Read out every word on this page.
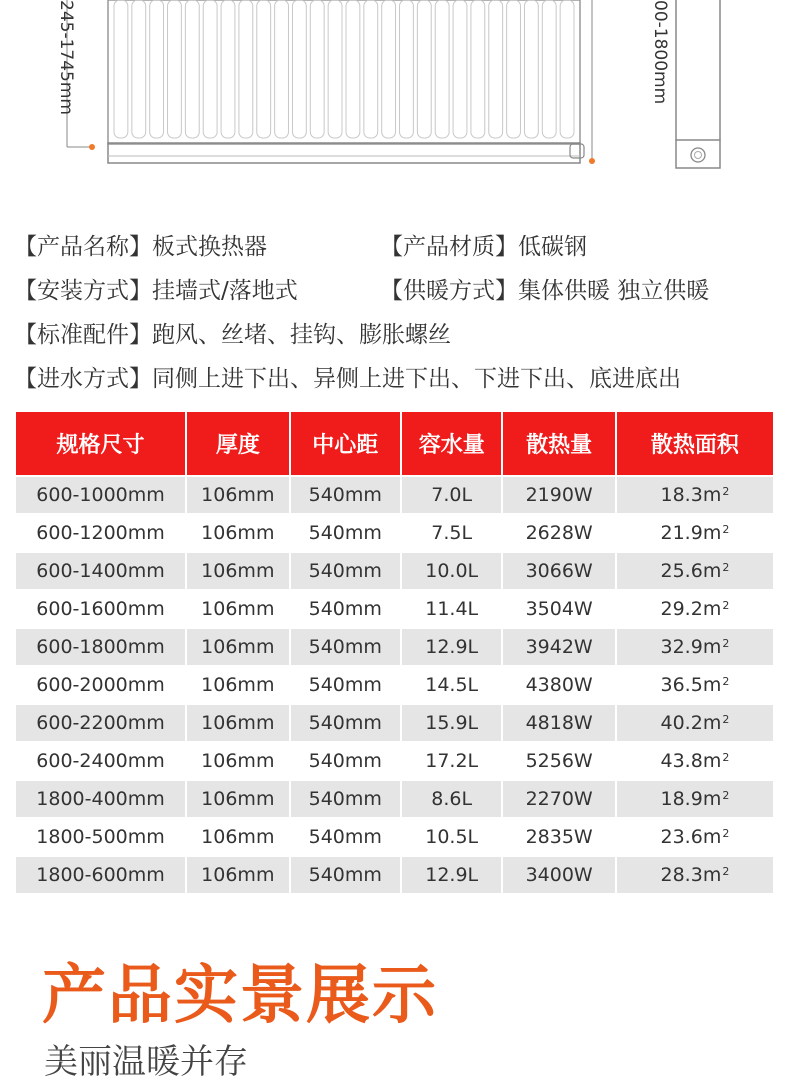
245-1745mm	00-1800mm
【产品名称】板式换热器	【产品材质】低碳钢
【安装方式】挂墙式/落地式	【供暖方式】集体供暖 独立供暖
【标准配件】跑风、丝堵、挂钩、膨胀螺丝
【进水方式】同侧上进下出、异侧上进下出、下进下出、底进底出
规格尺寸	厚度	中心距	容水量	散热量	散热面积
600-1000mm	106mm	540mm	7.0L	2190W	18.3 m 2
600-1200mm	106mm	540mm	7.5L	2628W	21.9 m 2
600-1400mm	106mm	540mm	10.0L	3066W	25.6 m 2
600-1600mm	106mm	540mm	11.4L	3504W	29.2 m 2
600-1800mm	106mm	540mm	12.9L	3942W	32.9 m 2
600-2000mm	106mm	540mm	14.5L	4380W	36.5 m 2
600-2200mm	106mm	540mm	15.9L	4818W	40.2 m 2
600-2400mm	106mm	540mm	17.2L	5256W	43.8 m 2
1800-400mm	106mm	540mm	8.6L	2270W	18.9 m 2
1800-500mm	106mm	540mm	10.5L	2835W	23.6 m 2
1800-600mm	106mm	540mm	12.9L	3400W	28.3 m 2
产品实景展示
美丽温暖并存
